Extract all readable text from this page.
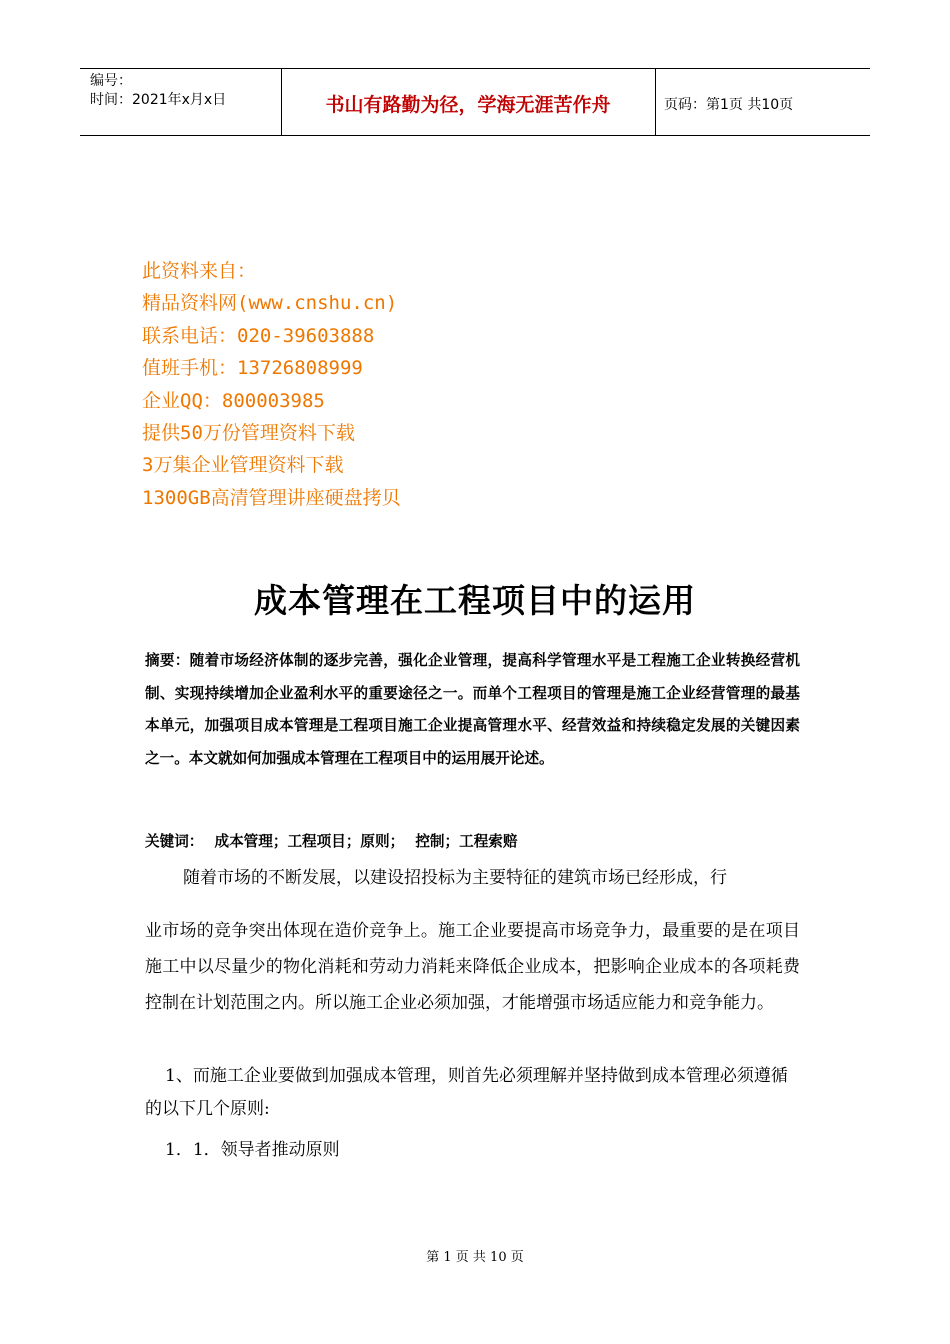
编号：
时间：2021年x月x日	书山有路勤为径，学海无涯苦作舟	页码：第1页 共10页
此资料来自：
精品资料网(www.cnshu.cn)
联系电话：020-39603888
值班手机：13726808999
企业QQ：800003985
提供50万份管理资料下载
3万集企业管理资料下载
1300GB高清管理讲座硬盘拷贝
成本管理在工程项目中的运用
摘要：随着市场经济体制的逐步完善，强化企业管理，提高科学管理水平是工程施工企业转换经营机制、实现持续增加企业盈利水平的重要途径之一。而单个工程项目的管理是施工企业经营管理的最基本单元，加强项目成本管理是工程项目施工企业提高管理水平、经营效益和持续稳定发展的关键因素之一。本文就如何加强成本管理在工程项目中的运用展开论述。
关键词： 成本管理；工程项目；原则； 控制；工程索赔
随着市场的不断发展，以建设招投标为主要特征的建筑市场已经形成，行
业市场的竞争突出体现在造价竞争上。施工企业要提高市场竞争力，最重要的是在项目施工中以尽量少的物化消耗和劳动力消耗来降低企业成本，把影响企业成本的各项耗费控制在计划范围之内。所以施工企业必须加强，才能增强市场适应能力和竞争能力。
1、而施工企业要做到加强成本管理，则首先必须理解并坚持做到成本管理必须遵循的以下几个原则:
1．1．领导者推动原则
第 1 页 共 10 页
